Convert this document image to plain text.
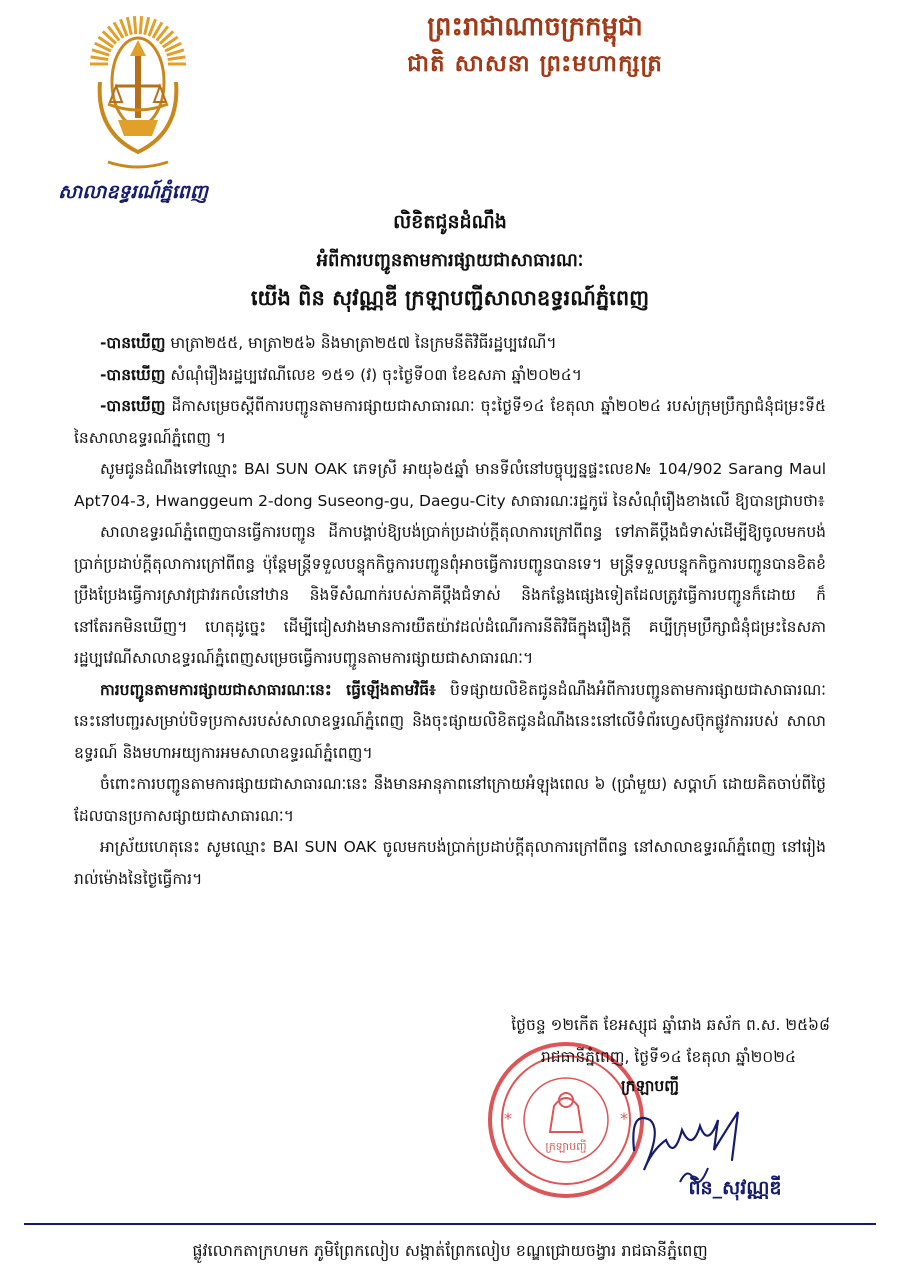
សាលាឧទ្ធរណ៍ភ្នំពេញ
ព្រះរាជាណាចក្រកម្ពុជា
ជាតិ សាសនា ព្រះមហាក្សត្រ
លិខិតជូនដំណឹង
អំពីការបញ្ជូនតាមការផ្សាយជាសាធារណៈ
យើង ពិន សុវណ្ណឌី ក្រឡាបញ្ជីសាលាឧទ្ធរណ៍ភ្នំពេញ

-បានឃើញ មាត្រា២៥៥, មាត្រា២៥៦ និងមាត្រា២៥៧ នៃក្រមនីតិវិធីរដ្ឋប្បវេណី។

-បានឃើញ សំណុំរឿងរដ្ឋប្បវេណីលេខ ១៥១ (វ) ចុះថ្ងៃទី០៣ ខែឧសភា ឆ្នាំ២០២៤។

-បានឃើញ ដីកាសម្រេចស្តីពីការបញ្ជូនតាមការផ្សាយជាសាធារណៈ ចុះថ្ងៃទី១៤ ខែតុលា ឆ្នាំ២០២៤ របស់ក្រុមប្រឹក្សាជំនុំជម្រះទី៥ នៃសាលាឧទ្ធរណ៍ភ្នំពេញ ។

សូមជូនដំណឹងទៅឈ្មោះ BAI SUN OAK ភេទស្រី អាយុ៦៥ឆ្នាំ មានទីលំនៅបច្ចុប្បន្នផ្ទះលេខ№ 104/902 Sarang Maul Apt704-3, Hwanggeum 2-dong Suseong-gu, Daegu-City សាធារណៈរដ្ឋកូរ៉េ នៃសំណុំរឿងខាងលើ ឱ្យបានជ្រាបថា៖

សាលាឧទ្ធរណ៍ភ្នំពេញបានធ្វើការបញ្ជូន ដីកាបង្គាប់ឱ្យបង់ប្រាក់ប្រដាប់ក្តីតុលាការក្រៅពីពន្ធ ទៅភាគីប្តឹងជំទាស់ដើម្បីឱ្យចូលមកបង់ប្រាក់ប្រដាប់ក្តីតុលាការក្រៅពីពន្ធ ប៉ុន្តែមន្ត្រីទទួលបន្ទុកកិច្ចការបញ្ជូនពុំអាចធ្វើការបញ្ជូនបានទេ។ មន្ត្រីទទួលបន្ទុកកិច្ចការបញ្ជូនបានខិតខំប្រឹងប្រែងធ្វើការស្រាវជ្រាវរកលំនៅឋាន និងទីសំណាក់របស់ភាគីប្តឹងជំទាស់ និងកន្លែងផ្សេងទៀតដែលត្រូវធ្វើការបញ្ជូនក៏ដោយ ក៏នៅតែរកមិនឃើញ។ ហេតុដូច្នេះ ដើម្បីជៀសវាងមានការយឺតយ៉ាវដល់ដំណើរការនីតិវិធីក្នុងរឿងក្តី គប្បីក្រុមប្រឹក្សាជំនុំជម្រះនៃសភារដ្ឋប្បវេណីសាលាឧទ្ធរណ៍ភ្នំពេញសម្រេចធ្វើការបញ្ជូនតាមការផ្សាយជាសាធារណៈ។

ការបញ្ជូនតាមការផ្សាយជាសាធារណៈនេះ ធ្វើឡើងតាមវិធី៖ បិទផ្សាយលិខិតជូនដំណឹងអំពីការបញ្ជូនតាមការផ្សាយជាសាធារណៈនេះនៅបញ្ជរសម្រាប់បិទប្រកាសរបស់សាលាឧទ្ធរណ៍ភ្នំពេញ និងចុះផ្សាយលិខិតជូនដំណឹងនេះនៅលើទំព័រហ្វេសប៊ុកផ្លូវការរបស់ សាលាឧទ្ធរណ៍ និងមហាអយ្យការអមសាលាឧទ្ធរណ៍ភ្នំពេញ។

ចំពោះការបញ្ជូនតាមការផ្សាយជាសាធារណៈនេះ នឹងមានអានុភាពនៅក្រោយអំឡុងពេល ៦ (ប្រាំមួយ) សប្តាហ៍ ដោយគិតចាប់ពីថ្ងៃដែលបានប្រកាសផ្សាយជាសាធារណៈ។

អាស្រ័យហេតុនេះ សូមឈ្មោះ BAI SUN OAK ចូលមកបង់ប្រាក់ប្រដាប់ក្តីតុលាការក្រៅពីពន្ធ នៅសាលាឧទ្ធរណ៍ភ្នំពេញ នៅរៀងរាល់ម៉ោងនៃថ្ងៃធ្វើការ។

*	*
ក្រឡាបញ្ជី
ថ្ងៃចន្ទ ១២កើត ខែអស្សុជ ឆ្នាំរោង ឆស័ក ព.ស. ២៥៦៨
រាជធានីភ្នំពេញ, ថ្ងៃទី១៤ ខែតុលា ឆ្នាំ២០២៤
ក្រឡាបញ្ជី
ពិន_សុវណ្ណឌី
ផ្លូវលោកតាក្រហមក ភូមិព្រែកលៀប សង្កាត់ព្រែកលៀប ខណ្ឌជ្រោយចង្វារ រាជធានីភ្នំពេញ
